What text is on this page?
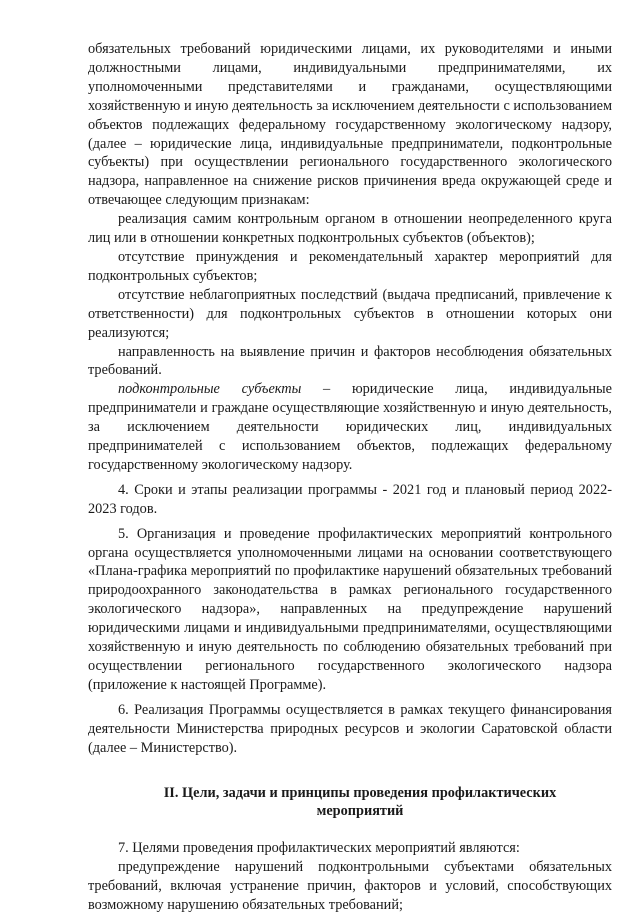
обязательных требований юридическими лицами, их руководителями и иными должностными лицами, индивидуальными предпринимателями, их уполномоченными представителями и гражданами, осуществляющими хозяйственную и иную деятельность за исключением деятельности с использованием объектов подлежащих федеральному государственному экологическому надзору, (далее – юридические лица, индивидуальные предприниматели, подконтрольные субъекты) при осуществлении регионального государственного экологического надзора, направленное на снижение рисков причинения вреда окружающей среде и отвечающее следующим признакам:

реализация самим контрольным органом в отношении неопределенного круга лиц или в отношении конкретных подконтрольных субъектов (объектов);

отсутствие принуждения и рекомендательный характер мероприятий для подконтрольных субъектов;

отсутствие неблагоприятных последствий (выдача предписаний, привлечение к ответственности) для подконтрольных субъектов в отношении которых они реализуются;

направленность на выявление причин и факторов несоблюдения обязательных требований.

подконтрольные субъекты – юридические лица, индивидуальные предприниматели и граждане осуществляющие хозяйственную и иную деятельность, за исключением деятельности юридических лиц, индивидуальных предпринимателей с использованием объектов, подлежащих федеральному государственному экологическому надзору.

4. Сроки и этапы реализации программы - 2021 год и плановый период 2022-2023 годов.

5. Организация и проведение профилактических мероприятий контрольного органа осуществляется уполномоченными лицами на основании соответствующего «Плана-графика мероприятий по профилактике нарушений обязательных требований природоохранного законодательства в рамках регионального государственного экологического надзора», направленных на предупреждение нарушений юридическими лицами и индивидуальными предпринимателями, осуществляющими хозяйственную и иную деятельность по соблюдению обязательных требований при осуществлении регионального государственного экологического надзора (приложение к настоящей Программе).

6. Реализация Программы осуществляется в рамках текущего финансирования деятельности Министерства природных ресурсов и экологии Саратовской области (далее – Министерство).

II. Цели, задачи и принципы проведения профилактических мероприятий

7. Целями проведения профилактических мероприятий являются:

предупреждение нарушений подконтрольными субъектами обязательных требований, включая устранение причин, факторов и условий, способствующих возможному нарушению обязательных требований;
